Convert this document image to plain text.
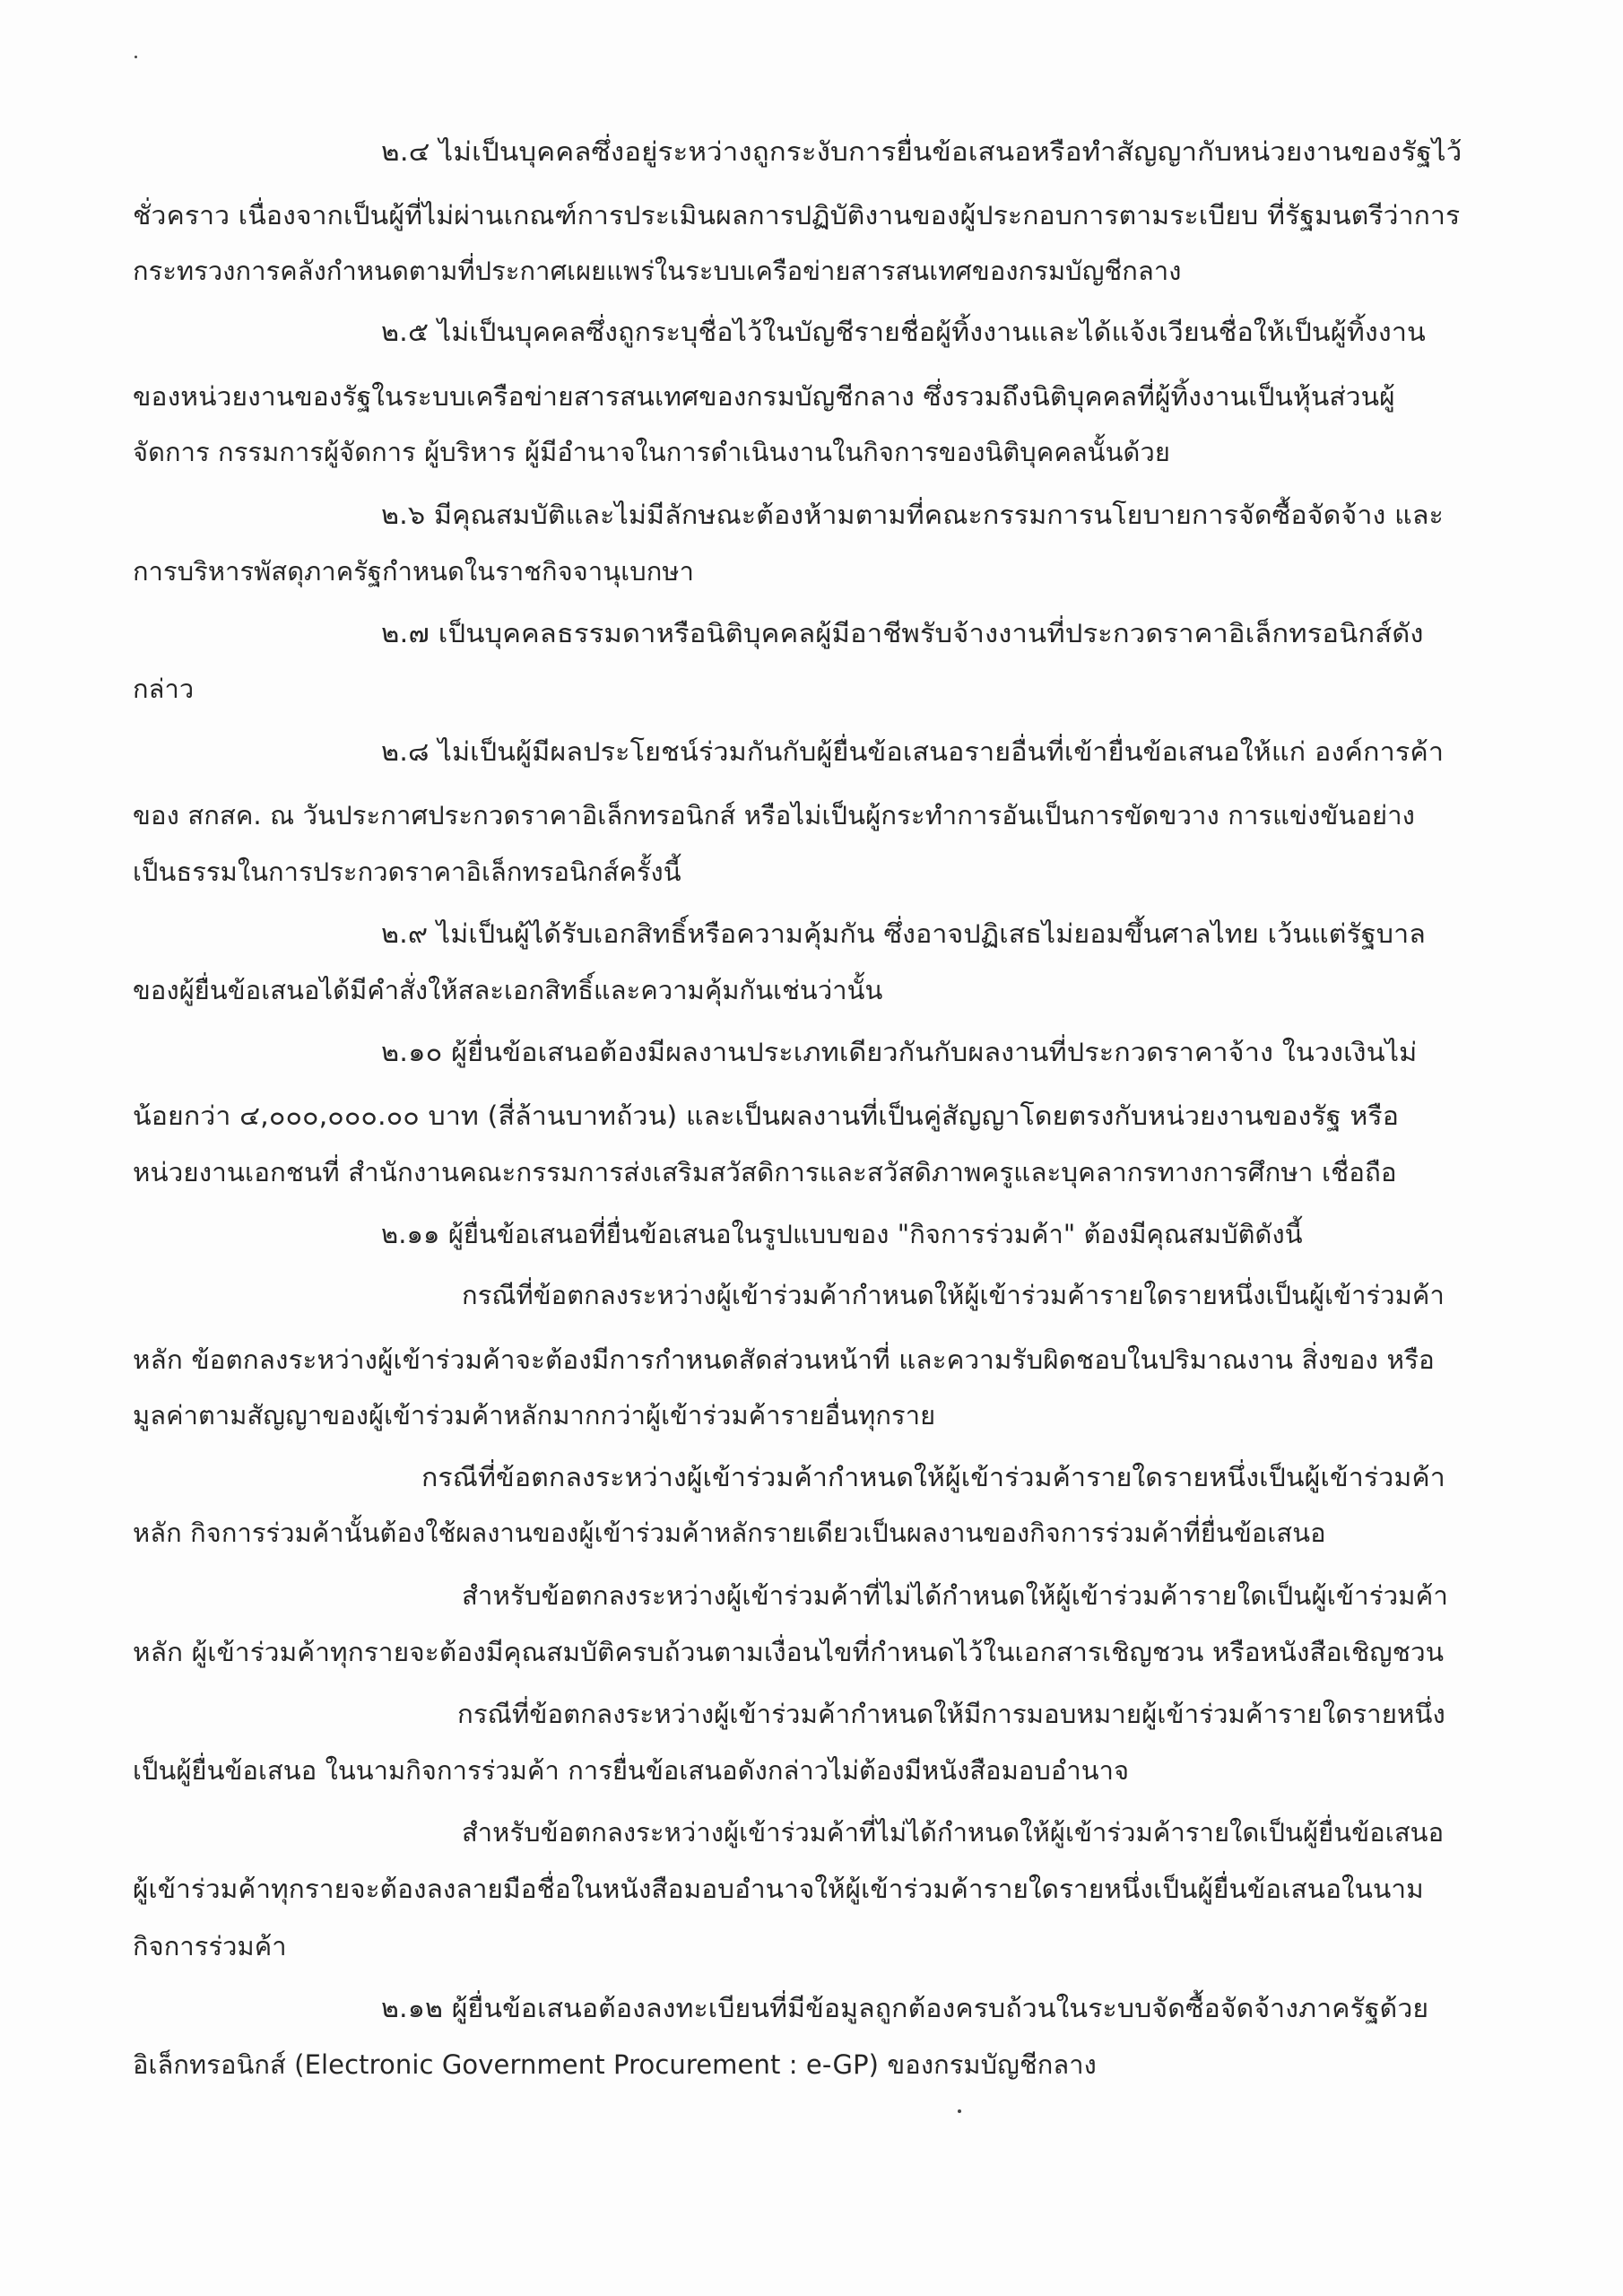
๒.๔ ไม่เป็นบุคคลซึ่งอยู่ระหว่างถูกระงับการยื่นข้อเสนอหรือทำสัญญากับหน่วยงานของรัฐไว้
ชั่วคราว เนื่องจากเป็นผู้ที่ไม่ผ่านเกณฑ์การประเมินผลการปฏิบัติงานของผู้ประกอบการตามระเบียบ ที่รัฐมนตรีว่าการ
กระทรวงการคลังกำหนดตามที่ประกาศเผยแพร่ในระบบเครือข่ายสารสนเทศของกรมบัญชีกลาง
๒.๕ ไม่เป็นบุคคลซึ่งถูกระบุชื่อไว้ในบัญชีรายชื่อผู้ทิ้งงานและได้แจ้งเวียนชื่อให้เป็นผู้ทิ้งงาน
ของหน่วยงานของรัฐในระบบเครือข่ายสารสนเทศของกรมบัญชีกลาง ซึ่งรวมถึงนิติบุคคลที่ผู้ทิ้งงานเป็นหุ้นส่วนผู้
จัดการ กรรมการผู้จัดการ ผู้บริหาร ผู้มีอำนาจในการดำเนินงานในกิจการของนิติบุคคลนั้นด้วย
๒.๖ มีคุณสมบัติและไม่มีลักษณะต้องห้ามตามที่คณะกรรมการนโยบายการจัดซื้อจัดจ้าง และ
การบริหารพัสดุภาครัฐกำหนดในราชกิจจานุเบกษา
๒.๗ เป็นบุคคลธรรมดาหรือนิติบุคคลผู้มีอาชีพรับจ้างงานที่ประกวดราคาอิเล็กทรอนิกส์ดัง
กล่าว
๒.๘ ไม่เป็นผู้มีผลประโยชน์ร่วมกันกับผู้ยื่นข้อเสนอรายอื่นที่เข้ายื่นข้อเสนอให้แก่ องค์การค้า
ของ สกสค. ณ วันประกาศประกวดราคาอิเล็กทรอนิกส์ หรือไม่เป็นผู้กระทำการอันเป็นการขัดขวาง การแข่งขันอย่าง
เป็นธรรมในการประกวดราคาอิเล็กทรอนิกส์ครั้งนี้
๒.๙ ไม่เป็นผู้ได้รับเอกสิทธิ์หรือความคุ้มกัน ซึ่งอาจปฏิเสธไม่ยอมขึ้นศาลไทย เว้นแต่รัฐบาล
ของผู้ยื่นข้อเสนอได้มีคำสั่งให้สละเอกสิทธิ์และความคุ้มกันเช่นว่านั้น
๒.๑๐ ผู้ยื่นข้อเสนอต้องมีผลงานประเภทเดียวกันกับผลงานที่ประกวดราคาจ้าง ในวงเงินไม่
น้อยกว่า ๔,๐๐๐,๐๐๐.๐๐ บาท (สี่ล้านบาทถ้วน) และเป็นผลงานที่เป็นคู่สัญญาโดยตรงกับหน่วยงานของรัฐ หรือ
หน่วยงานเอกชนที่ สำนักงานคณะกรรมการส่งเสริมสวัสดิการและสวัสดิภาพครูและบุคลากรทางการศึกษา เชื่อถือ
๒.๑๑ ผู้ยื่นข้อเสนอที่ยื่นข้อเสนอในรูปแบบของ "กิจการร่วมค้า" ต้องมีคุณสมบัติดังนี้
กรณีที่ข้อตกลงระหว่างผู้เข้าร่วมค้ากำหนดให้ผู้เข้าร่วมค้ารายใดรายหนึ่งเป็นผู้เข้าร่วมค้า
หลัก ข้อตกลงระหว่างผู้เข้าร่วมค้าจะต้องมีการกำหนดสัดส่วนหน้าที่ และความรับผิดชอบในปริมาณงาน สิ่งของ หรือ
มูลค่าตามสัญญาของผู้เข้าร่วมค้าหลักมากกว่าผู้เข้าร่วมค้ารายอื่นทุกราย
กรณีที่ข้อตกลงระหว่างผู้เข้าร่วมค้ากำหนดให้ผู้เข้าร่วมค้ารายใดรายหนึ่งเป็นผู้เข้าร่วมค้า
หลัก กิจการร่วมค้านั้นต้องใช้ผลงานของผู้เข้าร่วมค้าหลักรายเดียวเป็นผลงานของกิจการร่วมค้าที่ยื่นข้อเสนอ
สำหรับข้อตกลงระหว่างผู้เข้าร่วมค้าที่ไม่ได้กำหนดให้ผู้เข้าร่วมค้ารายใดเป็นผู้เข้าร่วมค้า
หลัก ผู้เข้าร่วมค้าทุกรายจะต้องมีคุณสมบัติครบถ้วนตามเงื่อนไขที่กำหนดไว้ในเอกสารเชิญชวน หรือหนังสือเชิญชวน
กรณีที่ข้อตกลงระหว่างผู้เข้าร่วมค้ากำหนดให้มีการมอบหมายผู้เข้าร่วมค้ารายใดรายหนึ่ง
เป็นผู้ยื่นข้อเสนอ ในนามกิจการร่วมค้า การยื่นข้อเสนอดังกล่าวไม่ต้องมีหนังสือมอบอำนาจ
สำหรับข้อตกลงระหว่างผู้เข้าร่วมค้าที่ไม่ได้กำหนดให้ผู้เข้าร่วมค้ารายใดเป็นผู้ยื่นข้อเสนอ
ผู้เข้าร่วมค้าทุกรายจะต้องลงลายมือชื่อในหนังสือมอบอำนาจให้ผู้เข้าร่วมค้ารายใดรายหนึ่งเป็นผู้ยื่นข้อเสนอในนาม
กิจการร่วมค้า
๒.๑๒ ผู้ยื่นข้อเสนอต้องลงทะเบียนที่มีข้อมูลถูกต้องครบถ้วนในระบบจัดซื้อจัดจ้างภาครัฐด้วย
อิเล็กทรอนิกส์ (Electronic Government Procurement : e-GP) ของกรมบัญชีกลาง
